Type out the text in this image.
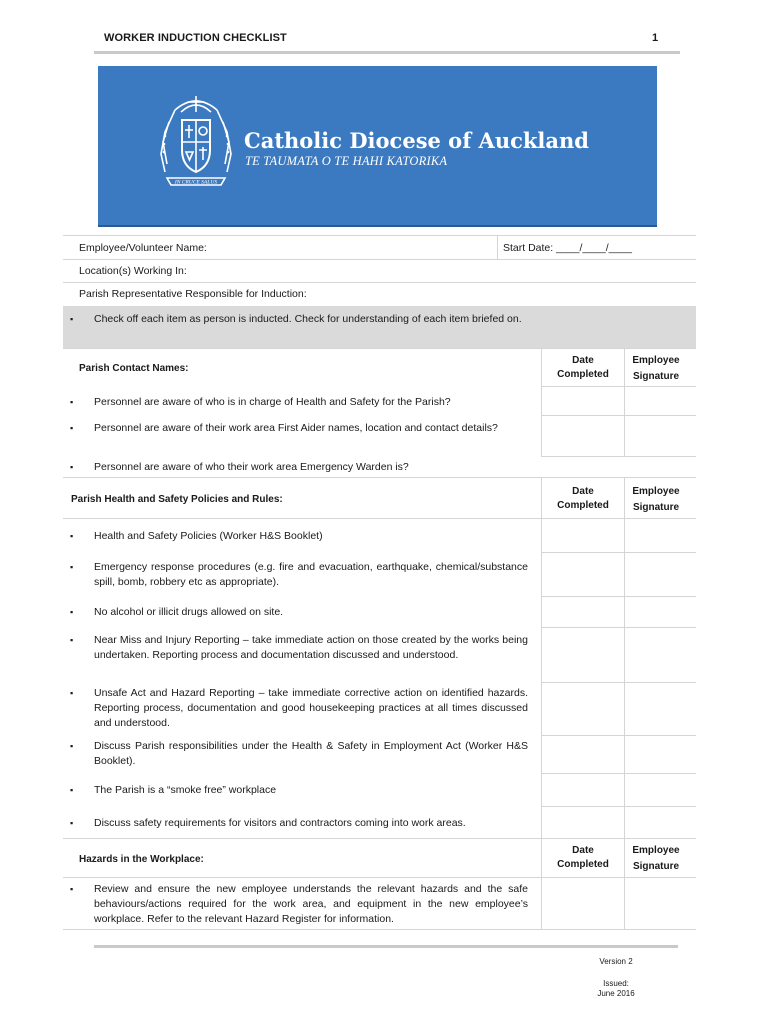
WORKER INDUCTION CHECKLIST	1
IN CRUCE SALUS
Catholic Diocese of Auckland
TE TAUMATA O TE HAHI KATORIKA
Employee/Volunteer Name:	Start Date: ____/____/____
Location(s) Working In:
Parish Representative Responsible for Induction:
▪ Check off each item as person is inducted. Check for understanding of each item briefed on.
Parish Contact Names:
Date
Completed
Employee
Signature
▪ Personnel are aware of who is in charge of Health and Safety for the Parish?
▪ Personnel are aware of their work area First Aider names, location and contact details?
▪ Personnel are aware of who their work area Emergency Warden is?
Parish Health and Safety Policies and Rules:
Date
Completed
Employee
Signature
▪ Health and Safety Policies (Worker H&S Booklet)
▪ Emergency response procedures (e.g. fire and evacuation, earthquake, chemical/substance spill, bomb, robbery etc as appropriate).
▪ No alcohol or illicit drugs allowed on site.
▪ Near Miss and Injury Reporting – take immediate action on those created by the works being undertaken. Reporting process and documentation discussed and understood.
▪ Unsafe Act and Hazard Reporting – take immediate corrective action on identified hazards. Reporting process, documentation and good housekeeping practices at all times discussed and understood.
▪ Discuss Parish responsibilities under the Health & Safety in Employment Act (Worker H&S Booklet).
▪ The Parish is a “smoke free” workplace
▪ Discuss safety requirements for visitors and contractors coming into work areas.
Hazards in the Workplace:
Date
Completed
Employee
Signature
▪ Review and ensure the new employee understands the relevant hazards and the safe behaviours/actions required for the work area, and equipment in the new employee’s workplace. Refer to the relevant Hazard Register for information.
Version 2
Issued:
June 2016
